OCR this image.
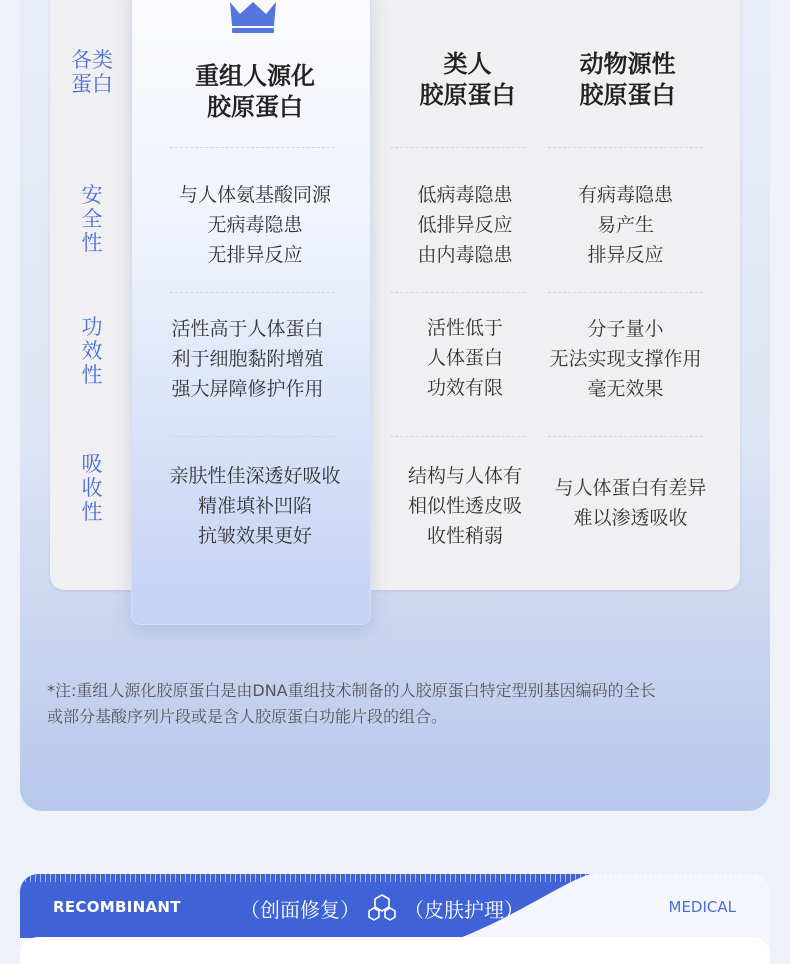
各类
蛋白
安
全
性
功
效
性
吸
收
性
重组人源化
胶原蛋白
类人
胶原蛋白
动物源性
胶原蛋白
与人体氨基酸同源
无病毒隐患
无排异反应
活性高于人体蛋白
利于细胞黏附增殖
强大屏障修护作用
亲肤性佳深透好吸收
精准填补凹陷
抗皱效果更好
低病毒隐患
低排异反应
由内毒隐患
活性低于
人体蛋白
功效有限
结构与人体有
相似性透皮吸
收性稍弱
有病毒隐患
易产生
排异反应
分子量小
无法实现支撑作用
毫无效果
与人体蛋白有差异
难以渗透吸收
*注:重组人源化胶原蛋白是由DNA重组技术制备的人胶原蛋白特定型别基因编码的全长
或部分基酸序列片段或是含人胶原蛋白功能片段的组合。
RECOMBINANT	（创面修复） （皮肤护理）	MEDICAL
